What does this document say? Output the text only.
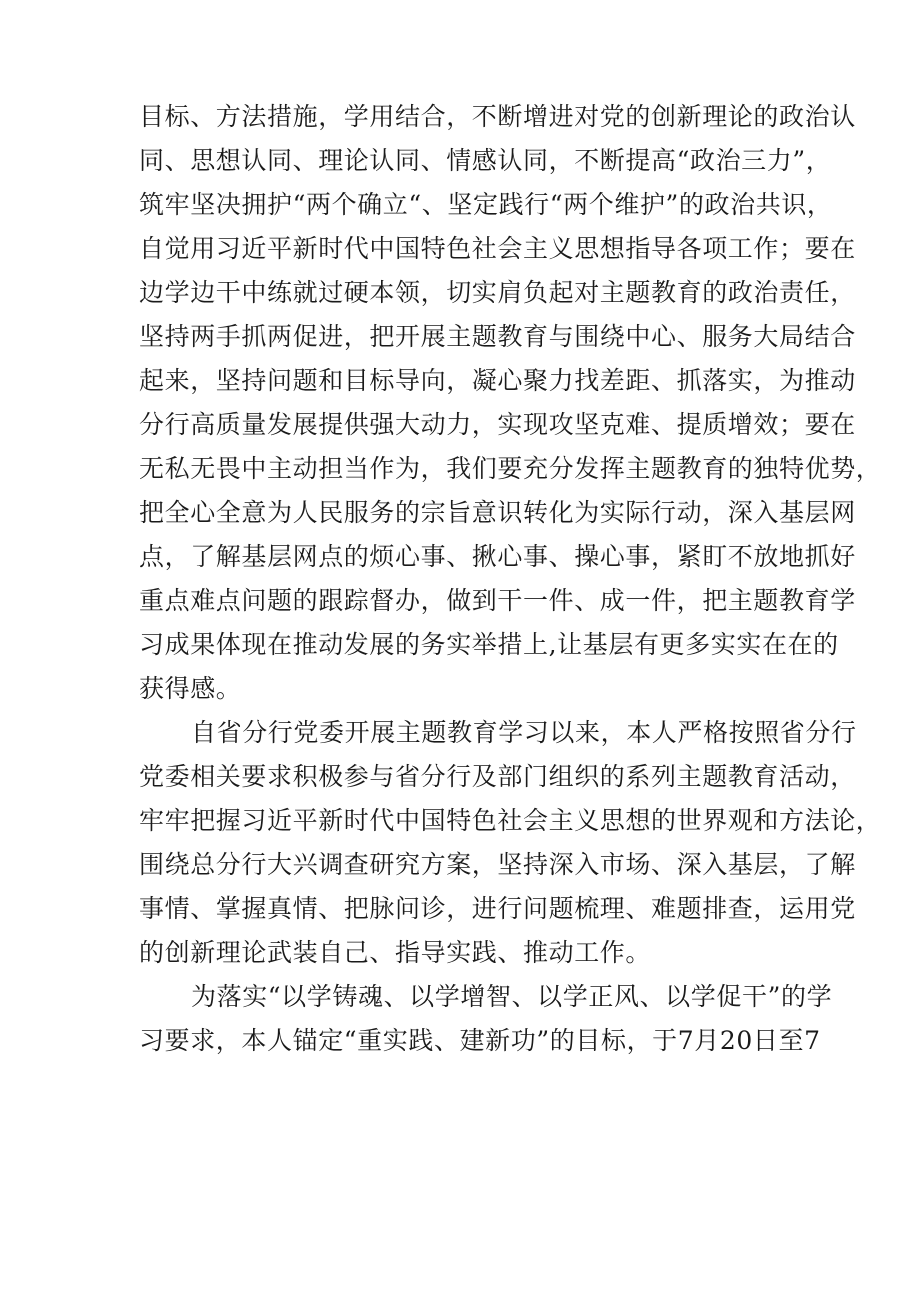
目标、方法措施，学用结合，不断增进对党的创新理论的政治认
同、思想认同、理论认同、情感认同，不断提高“政治三力”，
筑牢坚决拥护“两个确立“、坚定践行“两个维护”的政治共识，
自觉用习近平新时代中国特色社会主义思想指导各项工作；要在
边学边干中练就过硬本领，切实肩负起对主题教育的政治责任，
坚持两手抓两促进，把开展主题教育与围绕中心、服务大局结合
起来，坚持问题和目标导向，凝心聚力找差距、抓落实，为推动
分行高质量发展提供强大动力，实现攻坚克难、提质增效；要在
无私无畏中主动担当作为，我们要充分发挥主题教育的独特优势，
把全心全意为人民服务的宗旨意识转化为实际行动，深入基层网
点，了解基层网点的烦心事、揪心事、操心事，紧盯不放地抓好
重点难点问题的跟踪督办，做到干一件、成一件，把主题教育学
习成果体现在推动发展的务实举措上,让基层有更多实实在在的
获得感。
自省分行党委开展主题教育学习以来，本人严格按照省分行
党委相关要求积极参与省分行及部门组织的系列主题教育活动，
牢牢把握习近平新时代中国特色社会主义思想的世界观和方法论，
围绕总分行大兴调查研究方案，坚持深入市场、深入基层，了解
事情、掌握真情、把脉问诊，进行问题梳理、难题排查，运用党
的创新理论武装自己、指导实践、推动工作。
为落实“以学铸魂、以学增智、以学正风、以学促干”的学
习要求，本人锚定“重实践、建新功”的目标，于7月20日至7
